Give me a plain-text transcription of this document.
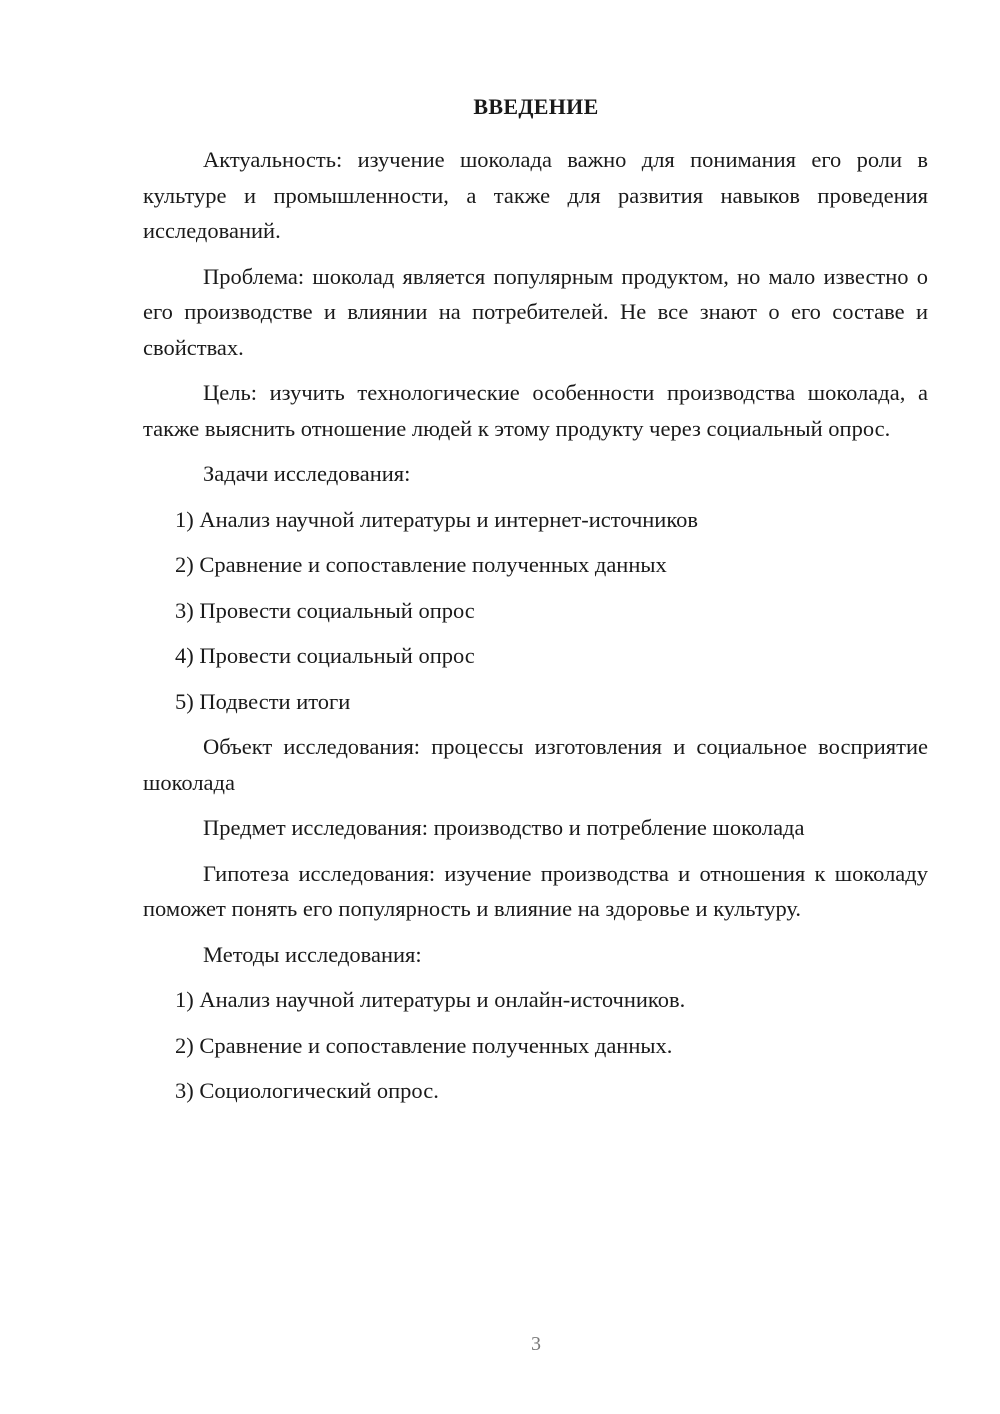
ВВЕДЕНИЕ

Актуальность: изучение шоколада важно для понимания его роли в культуре и промышленности, а также для развития навыков проведения исследований.

Проблема: шоколад является популярным продуктом, но мало известно о его производстве и влиянии на потребителей. Не все знают о его составе и свойствах.

Цель: изучить технологические особенности производства шоколада, а также выяснить отношение людей к этому продукту через социальный опрос.

Задачи исследования:

1) Анализ научной литературы и интернет-источников

2) Сравнение и сопоставление полученных данных

3) Провести социальный опрос

4) Провести социальный опрос

5) Подвести итоги

Объект исследования: процессы изготовления и социальное восприятие шоколада

Предмет исследования: производство и потребление шоколада

Гипотеза исследования: изучение производства и отношения к шоколаду поможет понять его популярность и влияние на здоровье и культуру.

Методы исследования:

1) Анализ научной литературы и онлайн-источников.

2) Сравнение и сопоставление полученных данных.

3) Социологический опрос.

3
